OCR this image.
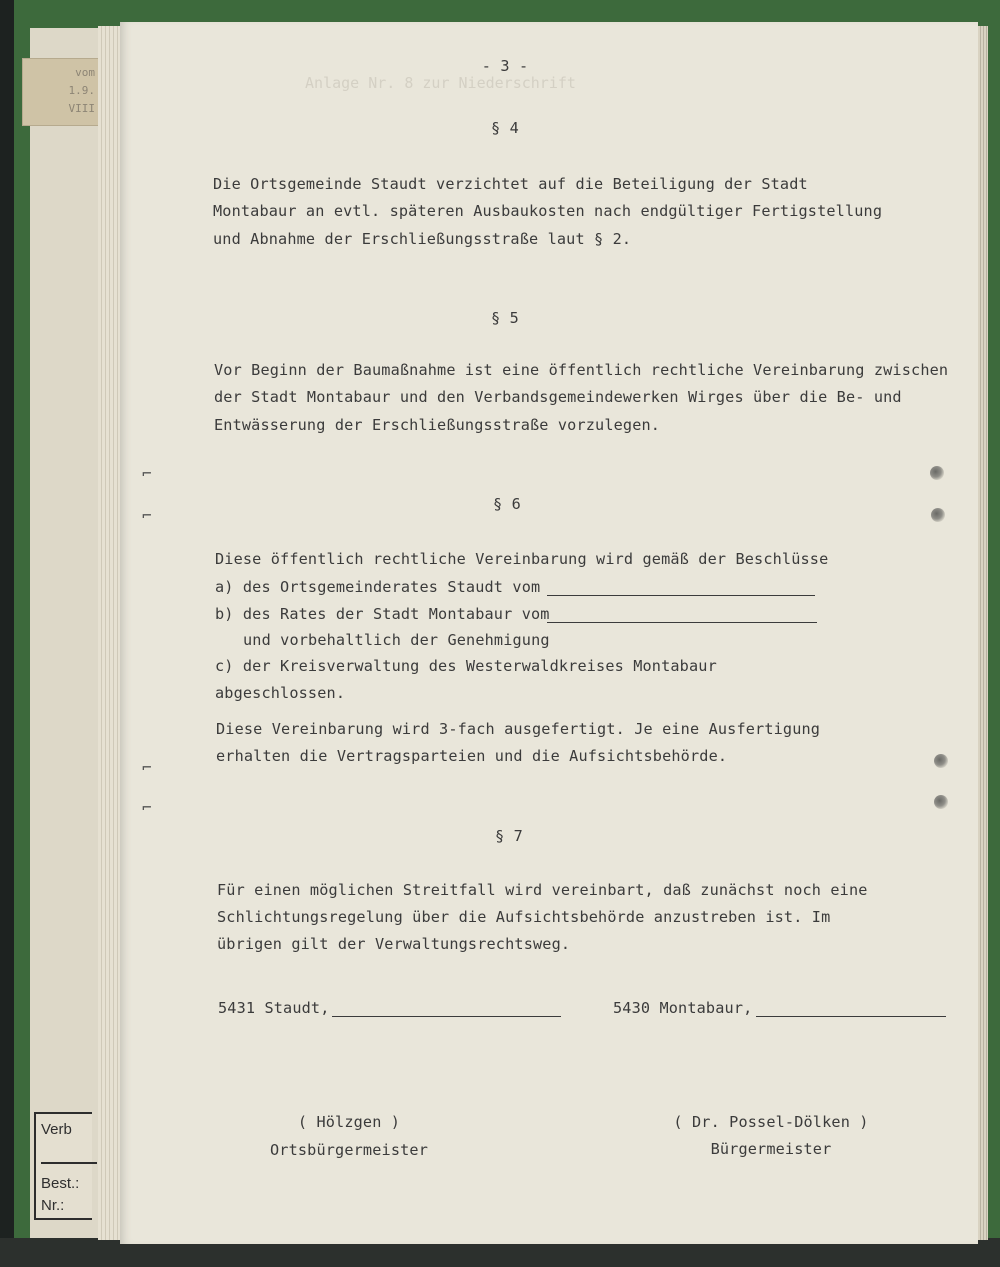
vom
1.9.
VIII
Verb
Best.:
Nr.:
⌐
⌐
⌐
⌐
Anlage Nr. 8 zur Niederschrift

- 3 -

§ 4

Die Ortsgemeinde Staudt verzichtet auf die Beteiligung der Stadt

Montabaur an evtl. späteren Ausbaukosten nach endgültiger Fertigstellung

und Abnahme der Erschließungsstraße laut § 2.

§ 5

Vor Beginn der Baumaßnahme ist eine öffentlich rechtliche Vereinbarung zwischen

der Stadt Montabaur und den Verbandsgemeindewerken Wirges über die Be- und

Entwässerung der Erschließungsstraße vorzulegen.

§ 6

Diese öffentlich rechtliche Vereinbarung wird gemäß der Beschlüsse

a) des Ortsgemeinderates Staudt vom

b) des Rates der Stadt Montabaur vom

und vorbehaltlich der Genehmigung

c) der Kreisverwaltung des Westerwaldkreises Montabaur

abgeschlossen.

Diese Vereinbarung wird 3-fach ausgefertigt. Je eine Ausfertigung

erhalten die Vertragsparteien und die Aufsichtsbehörde.

§ 7

Für einen möglichen Streitfall wird vereinbart, daß zunächst noch eine

Schlichtungsregelung über die Aufsichtsbehörde anzustreben ist. Im

übrigen gilt der Verwaltungsrechtsweg.

5431 Staudt,	5430 Montabaur,

( Hölzgen )

Ortsbürgermeister

( Dr. Possel-Dölken )

Bürgermeister
